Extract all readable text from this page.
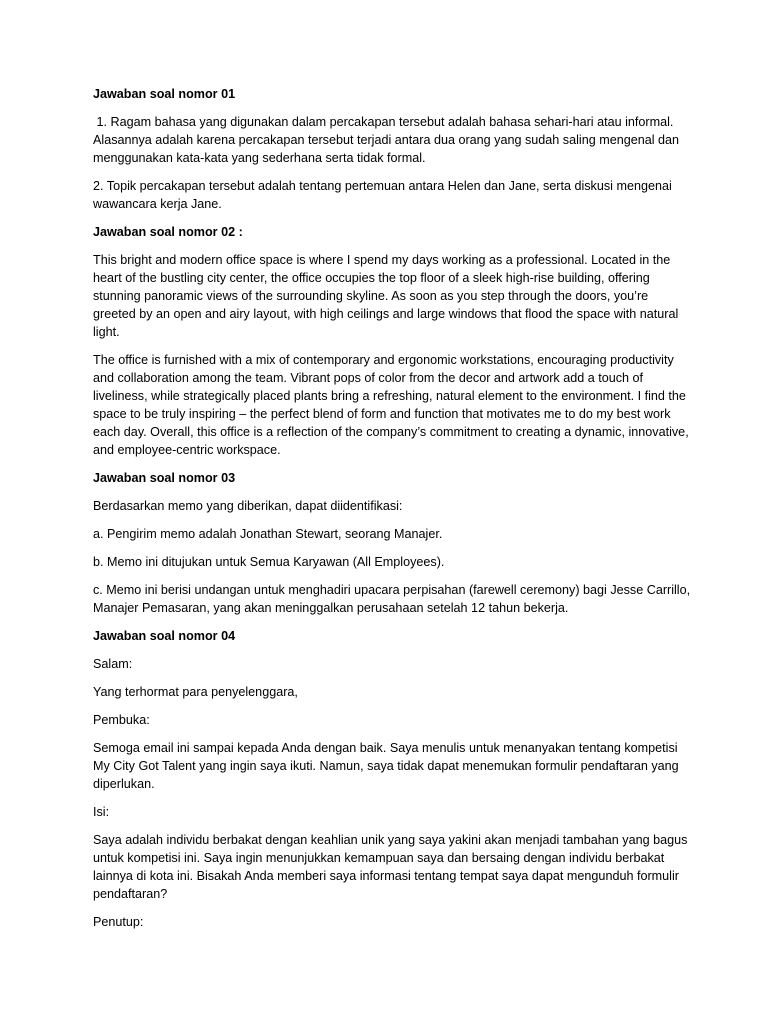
Jawaban soal nomor 01

1. Ragam bahasa yang digunakan dalam percakapan tersebut adalah bahasa sehari-hari atau informal. Alasannya adalah karena percakapan tersebut terjadi antara dua orang yang sudah saling mengenal dan menggunakan kata-kata yang sederhana serta tidak formal.

2. Topik percakapan tersebut adalah tentang pertemuan antara Helen dan Jane, serta diskusi mengenai wawancara kerja Jane.

Jawaban soal nomor 02 :

This bright and modern office space is where I spend my days working as a professional. Located in the heart of the bustling city center, the office occupies the top floor of a sleek high-rise building, offering stunning panoramic views of the surrounding skyline. As soon as you step through the doors, you’re greeted by an open and airy layout, with high ceilings and large windows that flood the space with natural light.

The office is furnished with a mix of contemporary and ergonomic workstations, encouraging productivity and collaboration among the team. Vibrant pops of color from the decor and artwork add a touch of liveliness, while strategically placed plants bring a refreshing, natural element to the environment. I find the space to be truly inspiring – the perfect blend of form and function that motivates me to do my best work each day. Overall, this office is a reflection of the company’s commitment to creating a dynamic, innovative, and employee-centric workspace.

Jawaban soal nomor 03

Berdasarkan memo yang diberikan, dapat diidentifikasi:

a. Pengirim memo adalah Jonathan Stewart, seorang Manajer.

b. Memo ini ditujukan untuk Semua Karyawan (All Employees).

c. Memo ini berisi undangan untuk menghadiri upacara perpisahan (farewell ceremony) bagi Jesse Carrillo, Manajer Pemasaran, yang akan meninggalkan perusahaan setelah 12 tahun bekerja.

Jawaban soal nomor 04

Salam:

Yang terhormat para penyelenggara,

Pembuka:

Semoga email ini sampai kepada Anda dengan baik. Saya menulis untuk menanyakan tentang kompetisi My City Got Talent yang ingin saya ikuti. Namun, saya tidak dapat menemukan formulir pendaftaran yang diperlukan.

Isi:

Saya adalah individu berbakat dengan keahlian unik yang saya yakini akan menjadi tambahan yang bagus untuk kompetisi ini. Saya ingin menunjukkan kemampuan saya dan bersaing dengan individu berbakat lainnya di kota ini. Bisakah Anda memberi saya informasi tentang tempat saya dapat mengunduh formulir pendaftaran?

Penutup:
